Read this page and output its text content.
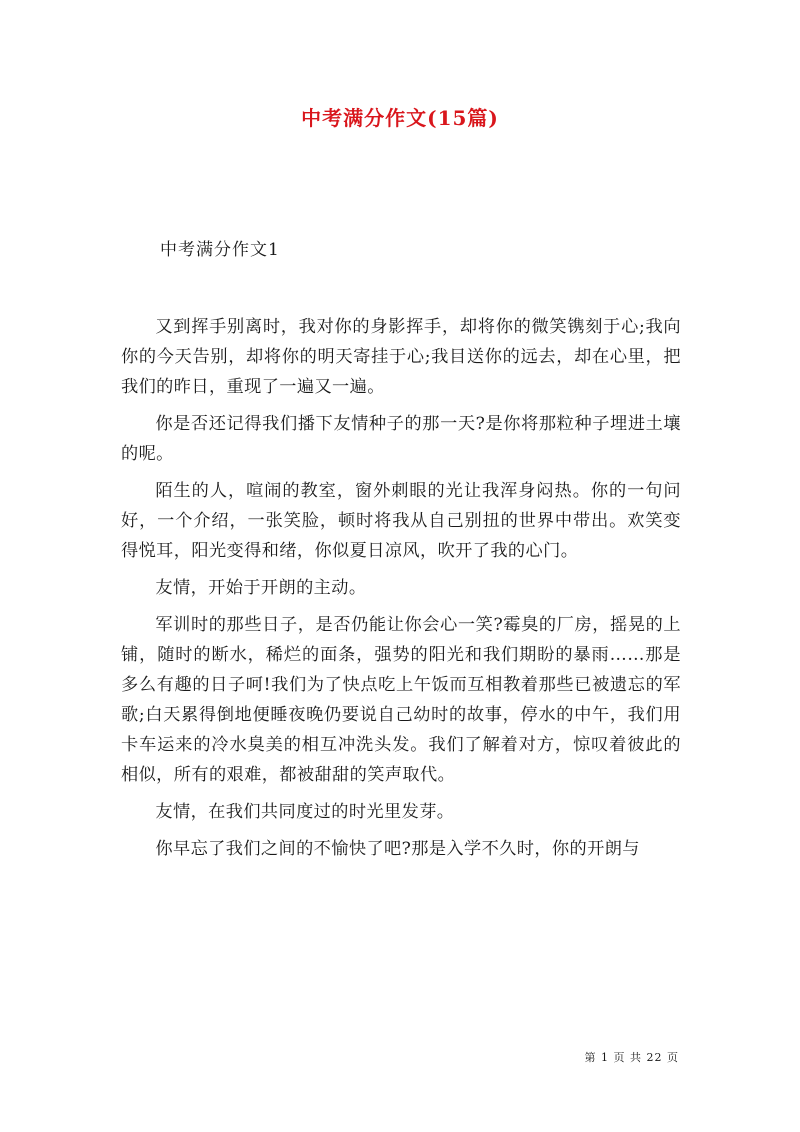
中考满分作文(15篇)
中考满分作文1

又到挥手别离时，我对你的身影挥手，却将你的微笑镌刻于心;我向你的今天告别，却将你的明天寄挂于心;我目送你的远去，却在心里，把我们的昨日，重现了一遍又一遍。

你是否还记得我们播下友情种子的那一天?是你将那粒种子埋进土壤的呢。

陌生的人，喧闹的教室，窗外刺眼的光让我浑身闷热。你的一句问好，一个介绍，一张笑脸，顿时将我从自己别扭的世界中带出。欢笑变得悦耳，阳光变得和绪，你似夏日凉风，吹开了我的心门。

友情，开始于开朗的主动。

军训时的那些日子，是否仍能让你会心一笑?霉臭的厂房，摇晃的上铺，随时的断水，稀烂的面条，强势的阳光和我们期盼的暴雨……那是多么有趣的日子呵!我们为了快点吃上午饭而互相教着那些已被遗忘的军歌;白天累得倒地便睡夜晚仍要说自己幼时的故事，停水的中午，我们用卡车运来的冷水臭美的相互冲洗头发。我们了解着对方，惊叹着彼此的相似，所有的艰难，都被甜甜的笑声取代。

友情，在我们共同度过的时光里发芽。

你早忘了我们之间的不愉快了吧?那是入学不久时，你的开朗与

第 1 页 共 22 页
